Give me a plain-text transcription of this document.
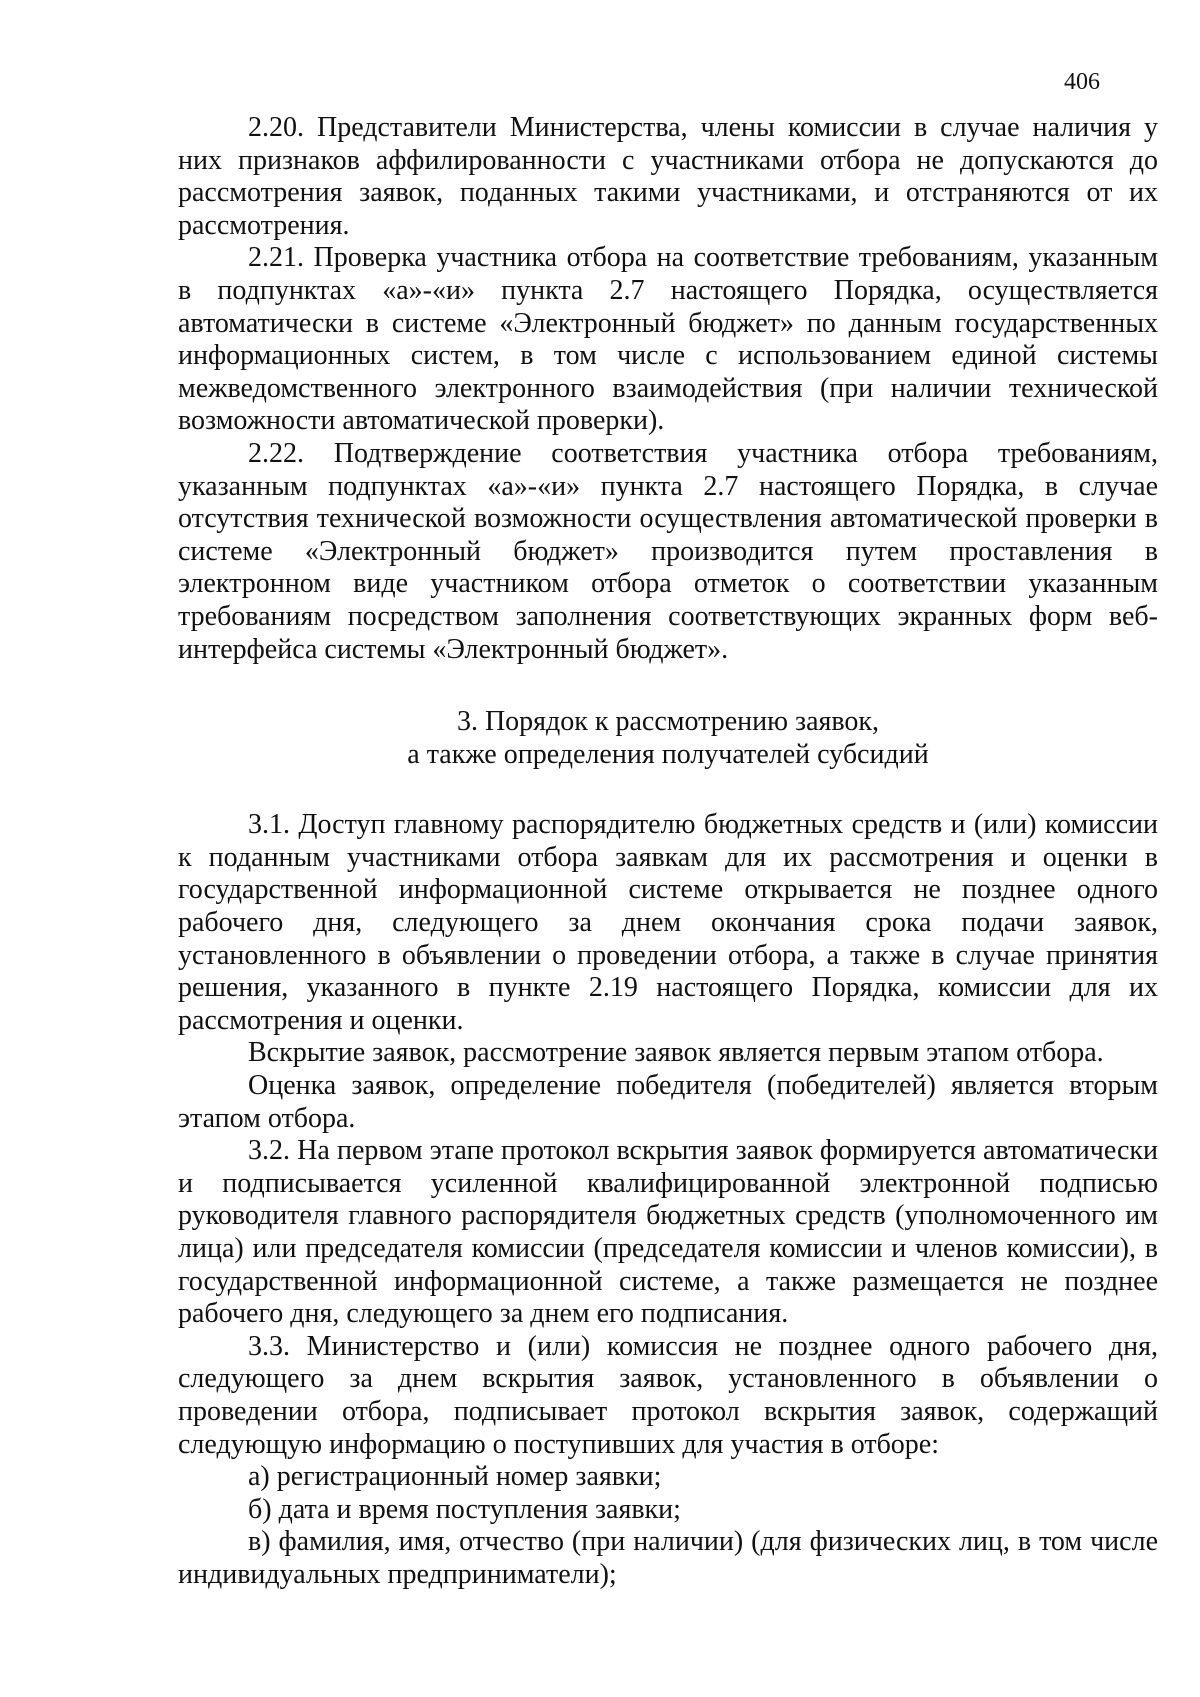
406

2.20. Представители Министерства, члены комиссии в случае наличия у них признаков аффилированности с участниками отбора не допускаются до рассмотрения заявок, поданных такими участниками, и отстраняются от их рассмотрения.

2.21. Проверка участника отбора на соответствие требованиям, указанным в подпунктах «а»-«и» пункта 2.7 настоящего Порядка, осуществляется автоматически в системе «Электронный бюджет» по данным государственных информационных систем, в том числе с использованием единой системы межведомственного электронного взаимодействия (при наличии технической возможности автоматической проверки).

2.22. Подтверждение соответствия участника отбора требованиям, указанным подпунктах «а»-«и» пункта 2.7 настоящего Порядка, в случае отсутствия технической возможности осуществления автоматической проверки в системе «Электронный бюджет» производится путем проставления в электронном виде участником отбора отметок о соответствии указанным требованиям посредством заполнения соответствующих экранных форм веб-интерфейса системы «Электронный бюджет».

3. Порядок к рассмотрению заявок,
а также определения получателей субсидий

3.1. Доступ главному распорядителю бюджетных средств и (или) комиссии к поданным участниками отбора заявкам для их рассмотрения и оценки в государственной информационной системе открывается не позднее одного рабочего дня, следующего за днем окончания срока подачи заявок, установленного в объявлении о проведении отбора, а также в случае принятия решения, указанного в пункте 2.19 настоящего Порядка, комиссии для их рассмотрения и оценки.

Вскрытие заявок, рассмотрение заявок является первым этапом отбора.

Оценка заявок, определение победителя (победителей) является вторым этапом отбора.

3.2. На первом этапе протокол вскрытия заявок формируется автоматически и подписывается усиленной квалифицированной электронной подписью руководителя главного распорядителя бюджетных средств (уполномоченного им лица) или председателя комиссии (председателя комиссии и членов комиссии), в государственной информационной системе, а также размещается не позднее рабочего дня, следующего за днем его подписания.

3.3. Министерство и (или) комиссия не позднее одного рабочего дня, следующего за днем вскрытия заявок, установленного в объявлении о проведении отбора, подписывает протокол вскрытия заявок, содержащий следующую информацию о поступивших для участия в отборе:

а) регистрационный номер заявки;

б) дата и время поступления заявки;

в) фамилия, имя, отчество (при наличии) (для физических лиц, в том числе индивидуальных предприниматели);
